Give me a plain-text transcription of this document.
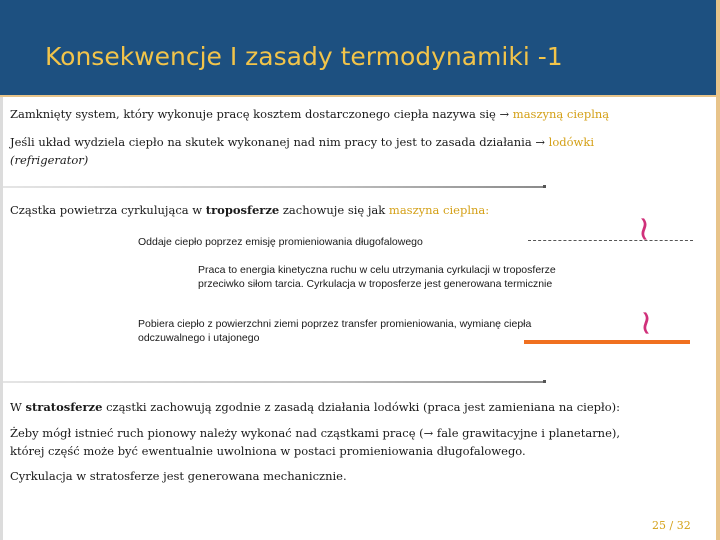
Konsekwencje I zasady termodynamiki -1
Zamknięty system, który wykonuje pracę kosztem dostarczonego ciepła nazywa się → maszyną cieplną
Jeśli układ wydziela ciepło na skutek wykonanej nad nim pracy to jest to zasada działania → lodówki
(refrigerator)
Cząstka powietrza cyrkulująca w troposferze zachowuje się jak maszyna cieplna:
Oddaje ciepło poprzez emisję promieniowania długofalowego	~
Praca to energia kinetyczna ruchu w celu utrzymania cyrkulacji w troposferze
przeciwko siłom tarcia. Cyrkulacja w troposferze jest generowana termicznie
Pobiera ciepło z powierzchni ziemi poprzez transfer promieniowania, wymianę ciepła
odczuwalnego i utajonego
~
W stratosferze cząstki zachowują zgodnie z zasadą działania lodówki (praca jest zamieniana na ciepło):
Żeby mógł istnieć ruch pionowy należy wykonać nad cząstkami pracę (→ fale grawitacyjne i planetarne),
której część może być ewentualnie uwolniona w postaci promieniowania długofalowego.
Cyrkulacja w stratosferze jest generowana mechanicznie.
25 / 32
